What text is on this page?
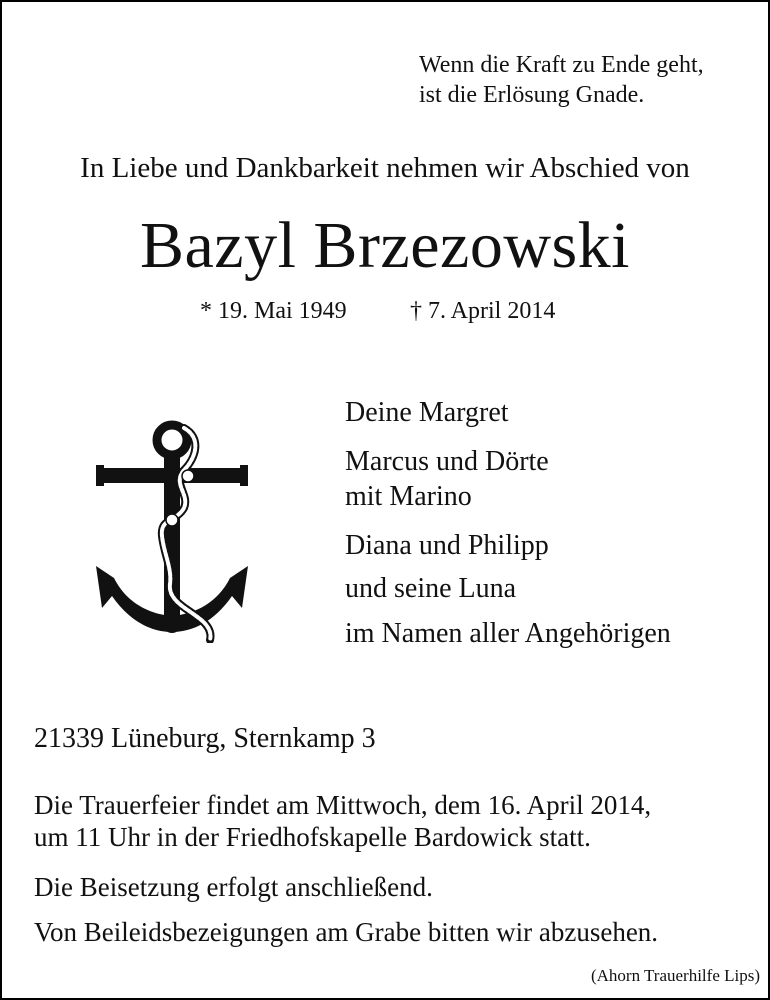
Wenn die Kraft zu Ende geht,
ist die Erlösung Gnade.
In Liebe und Dankbarkeit nehmen wir Abschied von
Bazyl Brzezowski
* 19. Mai 1949	† 7. April 2014
Deine Margret
Marcus und Dörte
mit Marino
Diana und Philipp
und seine Luna
im Namen aller Angehörigen
21339 Lüneburg, Sternkamp 3
Die Trauerfeier findet am Mittwoch, dem 16. April 2014,
um 11 Uhr in der Friedhofskapelle Bardowick statt.
Die Beisetzung erfolgt anschließend.
Von Beileidsbezeigungen am Grabe bitten wir abzusehen.
(Ahorn Trauerhilfe Lips)
